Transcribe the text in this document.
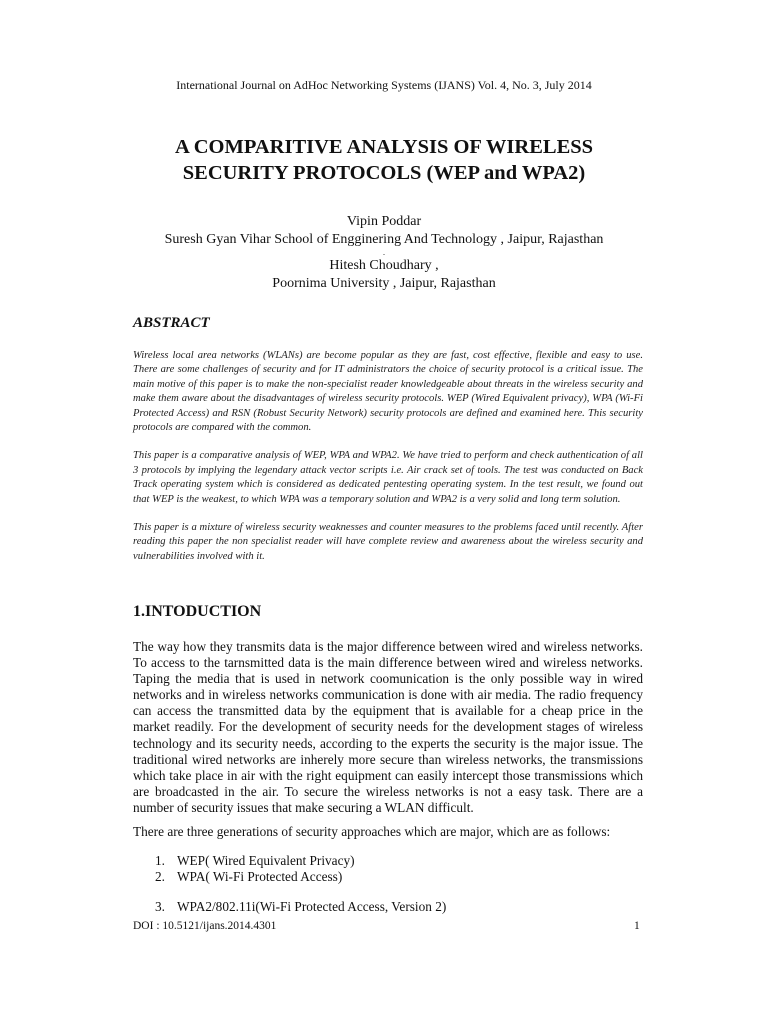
International Journal on AdHoc Networking Systems (IJANS) Vol. 4, No. 3, July 2014
A COMPARITIVE ANALYSIS OF WIRELESS
SECURITY PROTOCOLS (WEP and WPA2)
Vipin Poddar
Suresh Gyan Vihar School of Engginering And Technology , Jaipur, Rajasthan
.
Hitesh Choudhary ,
Poornima University , Jaipur, Rajasthan
ABSTRACT

Wireless local area networks (WLANs) are become popular as they are fast, cost effective, flexible and easy to use. There are some challenges of security and for IT administrators the choice of security protocol is a critical issue. The main motive of this paper is to make the non-specialist reader knowledgeable about threats in the wireless security and make them aware about the disadvantages of wireless security protocols. WEP (Wired Equivalent privacy), WPA (Wi-Fi Protected Access) and RSN (Robust Security Network) security protocols are defined and examined here. This security protocols are compared with the common.

This paper is a comparative analysis of WEP, WPA and WPA2. We have tried to perform and check authentication of all 3 protocols by implying the legendary attack vector scripts i.e. Air crack set of tools. The test was conducted on Back Track operating system which is considered as dedicated pentesting operating system. In the test result, we found out that WEP is the weakest, to which WPA was a temporary solution and WPA2 is a very solid and long term solution.

This paper is a mixture of wireless security weaknesses and counter measures to the problems faced until recently. After reading this paper the non specialist reader will have complete review and awareness about the wireless security and vulnerabilities involved with it.

1.INTODUCTION
The way how they transmits data is the major difference between wired and wireless networks. To access to the tarnsmitted data is the main difference between wired and wireless networks. Taping the media that is used in network coomunication is the only possible way in wired networks and in wireless networks communication is done with air media. The radio frequency can access the transmitted data by the equipment that is available for a cheap price in the market readily. For the development of security needs for the development stages of wireless technology and its security needs, according to the experts the security is the major issue. The traditional wired networks are inherely more secure than wireless networks, the transmissions which take place in air with the right equipment can easily intercept those transmissions which are broadcasted in the air. To secure the wireless networks is not a easy task. There are a number of security issues that make securing a WLAN difficult.
There are three generations of security approaches which are major, which are as follows:
1. WEP( Wired Equivalent Privacy)
2. WPA( Wi-Fi Protected Access)
3. WPA2/802.11i(Wi-Fi Protected Access, Version 2)
DOI : 10.5121/ijans.2014.4301	1
